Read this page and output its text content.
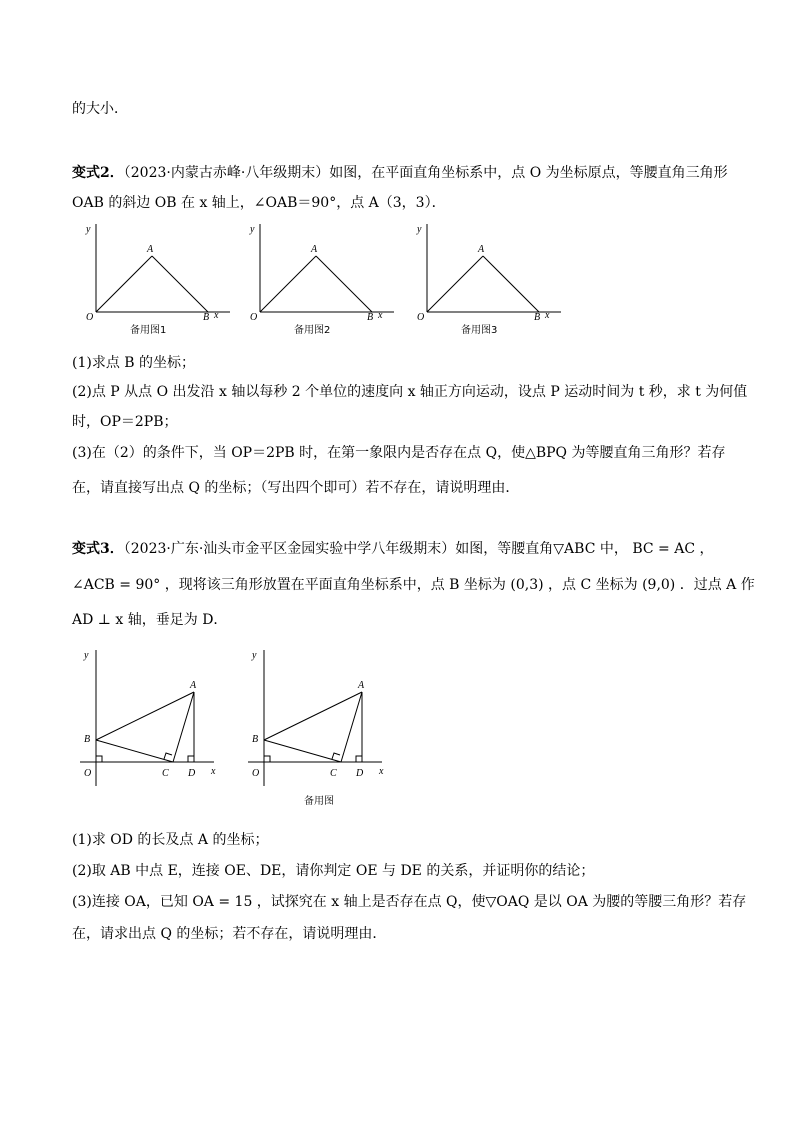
的大小．
变式2．（2023·内蒙古赤峰·八年级期末）如图，在平面直角坐标系中，点 O 为坐标原点，等腰直角三角形
OAB 的斜边 OB 在 x 轴上，∠OAB＝90°，点 A（3，3）．
y
x
O
A
B
备用图1
y
x
O
A
B
备用图2
y
x
O
A
B
备用图3
(1)求点 B 的坐标；
(2)点 P 从点 O 出发沿 x 轴以每秒 2 个单位的速度向 x 轴正方向运动，设点 P 运动时间为 t 秒，求 t 为何值
时，OP＝2PB；
(3)在（2）的条件下，当 OP＝2PB 时，在第一象限内是否存在点 Q，使△BPQ 为等腰直角三角形？若存
在，请直接写出点 Q 的坐标；（写出四个即可）若不存在，请说明理由．
变式3．（2023·广东·汕头市金平区金园实验中学八年级期末）如图，等腰直角▽ABC 中， BC = AC ，
∠ACB = 90° ，现将该三角形放置在平面直角坐标系中，点 B 坐标为 (0,3) ，点 C 坐标为 (9,0) ．过点 A 作
AD ⊥ x 轴，垂足为 D．
y
x
O
A
B
C D
y
x
O
A
B
C D
备用图
(1)求 OD 的长及点 A 的坐标；
(2)取 AB 中点 E，连接 OE、DE，请你判定 OE 与 DE 的关系，并证明你的结论；
(3)连接 OA，已知 OA = 15 ，试探究在 x 轴上是否存在点 Q，使▽OAQ 是以 OA 为腰的等腰三角形？若存
在，请求出点 Q 的坐标；若不存在，请说明理由．
